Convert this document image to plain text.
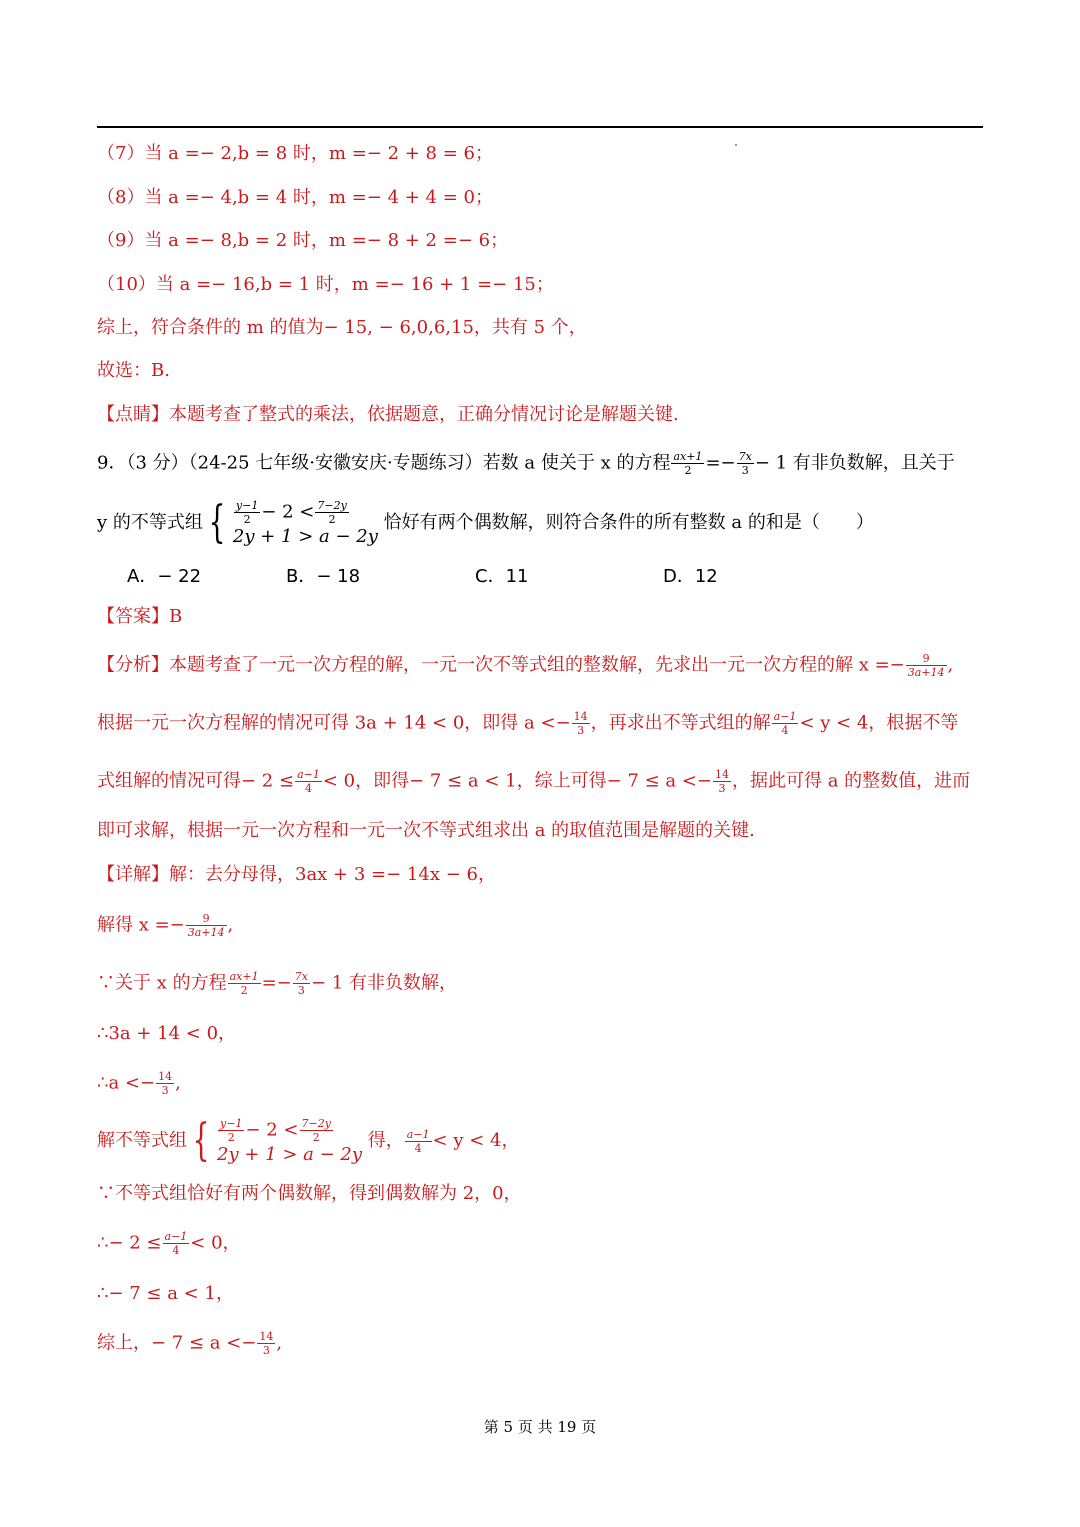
（7）当 a =− 2,b = 8 时，m =− 2 + 8 = 6；
（8）当 a =− 4,b = 4 时，m =− 4 + 4 = 0；
（9）当 a =− 8,b = 2 时，m =− 8 + 2 =− 6；
（10）当 a =− 16,b = 1 时，m =− 16 + 1 =− 15；
综上，符合条件的 m 的值为− 15, − 6,0,6,15，共有 5 个，
故选：B.
【点睛】本题考查了整式的乘法，依据题意，正确分情况讨论是解题关键.
9．（3 分）（24-25 七年级·安徽安庆·专题练习）若数 a 使关于 x 的方程 $\frac{ax+1}{2} =- \frac{7x}{3} - 1$ 有非负数解，且关于
y 的不等式组 { $\frac{y-1}{2} - 2 < \frac{7-2y}{2}$
2y + 1 > a − 2y
恰好有两个偶数解，则符合条件的所有整数 a 的和是（　　）
A．− 22	B．− 18	C．11	D．12
【答案】B
【分析】本题考查了一元一次方程的解，一元一次不等式组的整数解，先求出一元一次方程的解 $x =- \frac{9}{3a+14}$ ,
根据一元一次方程解的情况可得 3a + 14 < 0，即得 $a <- \frac{14}{3}$ ，再求出不等式组的解 $\frac{a-1}{4} < y < 4$，根据不等
式组解的情况可得− $2 \le \frac{a-1}{4} < 0$，即得− 7 ≤ a < 1，综上可得− $7 \le a <- \frac{14}{3}$ ，据此可得 a 的整数值，进而
即可求解，根据一元一次方程和一元一次不等式组求出 a 的取值范围是解题的关键.
【详解】解：去分母得，3ax + 3 =− 14x − 6，
解得 $x =- \frac{9}{3a+14}$ ,
∵关于 x 的方程 $\frac{ax+1}{2} =- \frac{7x}{3} - 1$ 有非负数解，
∴3a + 14 < 0，
∴a <− $\frac{14}{3}$ ,
解不等式组 { $\frac{y-1}{2} - 2 < \frac{7-2y}{2}$
2y + 1 > a − 2y
得， $\frac{a-1}{4} < y < 4$，
∵不等式组恰好有两个偶数解，得到偶数解为 2，0，
∴− $2 \le \frac{a-1}{4} < 0$，
∴− 7 ≤ a < 1，
综上，− $7 \le a <- \frac{14}{3}$ ,
第 5 页 共 19 页
